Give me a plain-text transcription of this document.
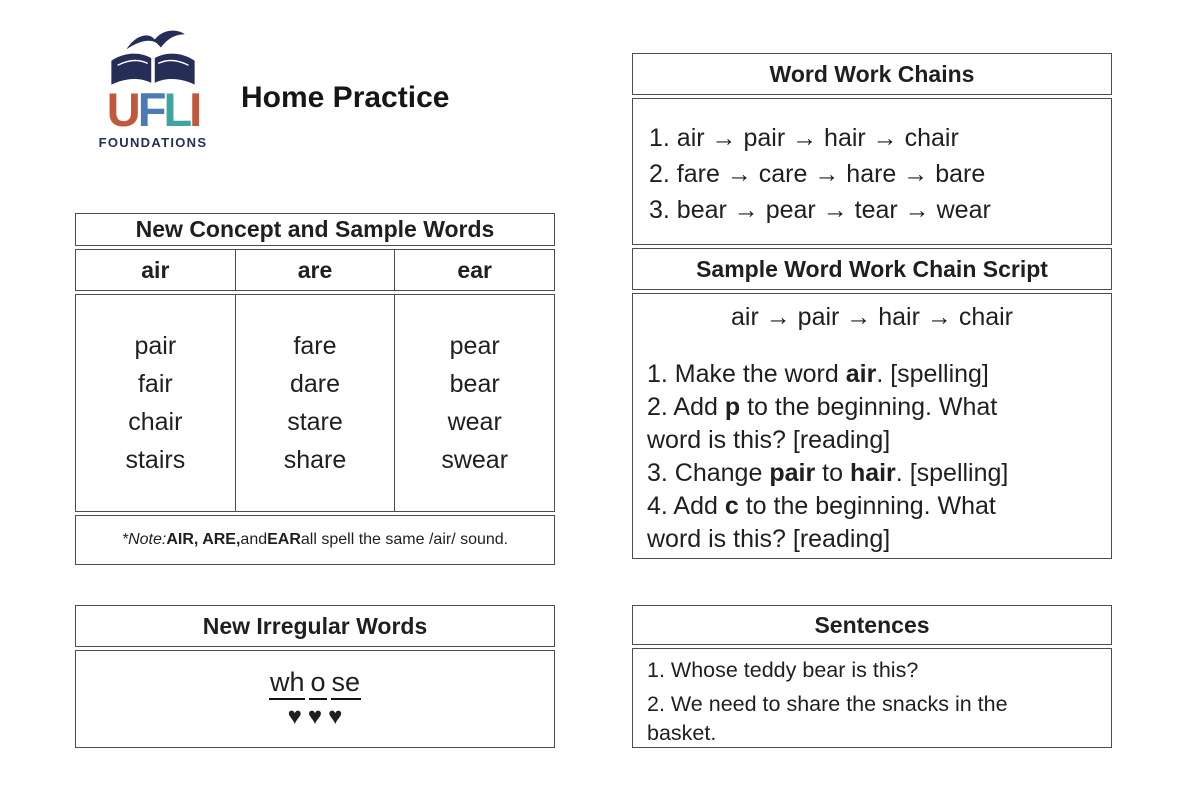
UFLI
FOUNDATIONS
Home Practice
New Concept and Sample Words
air	are	ear
pair
fair
chair
stairs
fare
dare
stare
share
pear
bear
wear
swear
*Note: AIR, ARE, and EAR all spell the same /air/ sound.
Word Work Chains
1. air → pair → hair → chair
2. fare → care → hare → bare
3. bear → pear → tear → wear
Sample Word Work Chain Script
air → pair → hair → chair
1. Make the word air. [spelling]
2. Add p to the beginning. What
word is this? [reading]
3. Change pair to hair. [spelling]
4. Add c to the beginning. What
word is this? [reading]
New Irregular Words
wh o se
♥♥♥
Sentences
1. Whose teddy bear is this?
2. We need to share the snacks in the
basket.
